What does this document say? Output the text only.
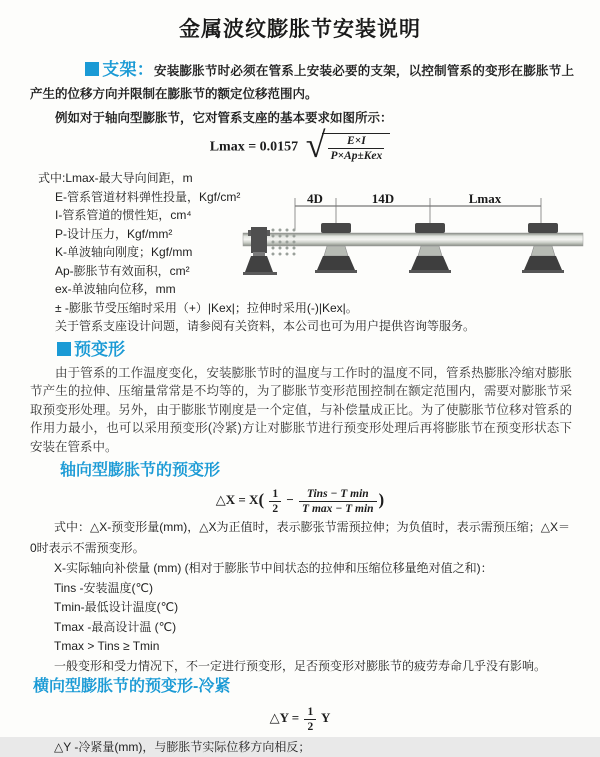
金属波纹膨胀节安装说明

支架：安装膨胀节时必须在管系上安装必要的支架，以控制管系的变形在膨胀节上产生的位移方向并限制在膨胀节的额定位移范围内。

例如对于轴向型膨胀节，它对管系支座的基本要求如图所示：

Lmax = 0.0157 √	E×I
P×Ap±Kex
式中:Lmax-最大导向间距，m
E-管系管道材料弹性投量，Kgf/cm²
I-管系管道的惯性矩，cm⁴
P-设计压力，Kgf/mm²
K-单波轴向刚度；Kgf/mm
Ap-膨胀节有效面积，cm²
ex-单波轴向位移，mm
± -膨胀节受压缩时采用（+）|Kex|；拉伸时采用(-)|Kex|。
关于管系支座设计问题，请参阅有关资料，本公司也可为用户提供咨询等服务。
4D	14D	Lmax
预变形

由于管系的工作温度变化，安装膨胀节时的温度与工作时的温度不同，管系热膨胀冷缩对膨胀节产生的拉伸、压缩量常常是不均等的，为了膨胀节变形范围控制在额定范围内，需要对膨胀节采取预变形处理。另外，由于膨胀节刚度是一个定值，与补偿量成正比。为了使膨胀节位移对管系的作用力最小，也可以采用预变形(冷紧)方让对膨胀节进行预变形处理后再将膨胀节在预变形状态下安装在管系中。

轴向型膨胀节的预变形
△X = $X( \frac{1}{2}$ −	Tins − T min
T max − T min )

式中：△X-预变形量(mm)，△X为正值时，表示膨张节需预拉伸；为负值时，表示需预压缩；△X＝0时表示不需预变形。

X-实际轴向补偿量 (mm) (相对于膨胀节中间状态的拉伸和压缩位移量绝对值之和)：

Tins -安装温度(℃)

Tmin-最低设计温度(℃)

Tmax -最高设计温 (℃)

Tmax > Tins ≥ Tmin

一般变形和受力情况下，不一定进行预变形，足否预变形对膨胀节的疲劳寿命几乎没有影响。

横向型膨胀节的预变形-冷紧
△Y = $\frac{1}{2}$ Y

△Y -冷紧量(mm)，与膨胀节实际位移方向相反；
